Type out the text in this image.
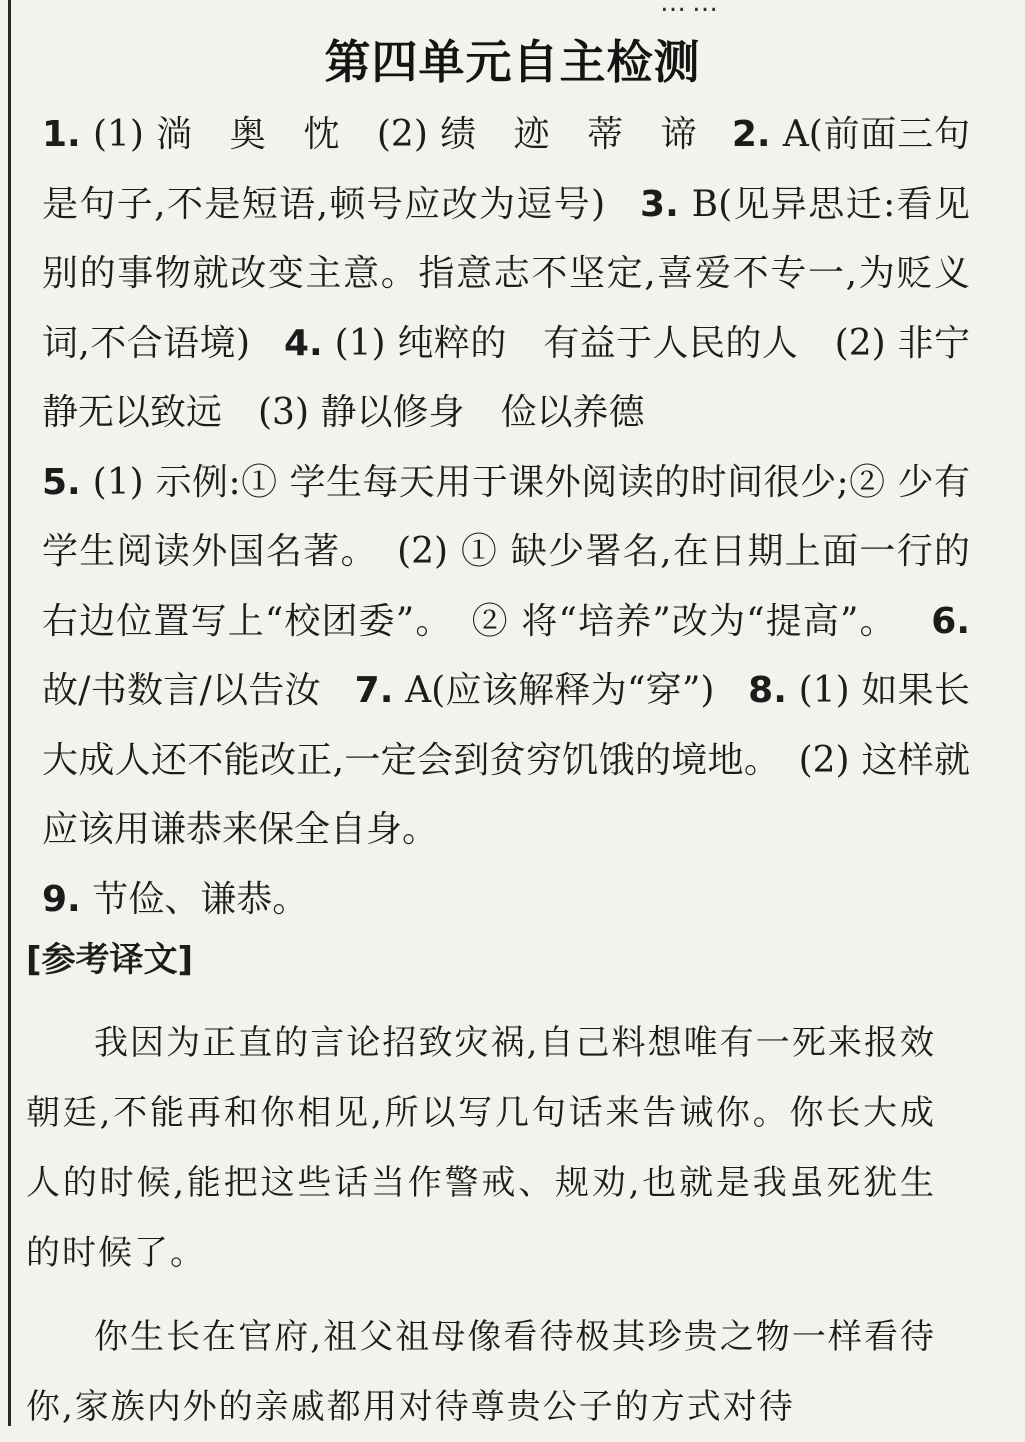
……
第四单元自主检测
1. (1) 淌　奥　忱　(2) 绩　迹　蒂　谛 2. A(前面三句是句子,不是短语,顿号应改为逗号) 3. B(见异思迁:看见别的事物就改变主意。指意志不坚定,喜爱不专一,为贬义词,不合语境) 4. (1) 纯粹的　有益于人民的人　(2) 非宁静无以致远　(3) 静以修身　俭以养德
5. (1) 示例:① 学生每天用于课外阅读的时间很少;② 少有学生阅读外国名著。　(2) ① 缺少署名,在日期上面一行的右边位置写上“校团委”。　② 将“培养”改为“提高”。 6. 故/书数言/以告汝 7. A(应该解释为“穿”) 8. (1) 如果长大成人还不能改正,一定会到贫穷饥饿的境地。　(2) 这样就应该用谦恭来保全自身。
9. 节俭、谦恭。
[参考译文]

我因为正直的言论招致灾祸,自己料想唯有一死来报效朝廷,不能再和你相见,所以写几句话来告诫你。你长大成人的时候,能把这些话当作警戒、规劝,也就是我虽死犹生的时候了。

你生长在官府,祖父祖母像看待极其珍贵之物一样看待你,家族内外的亲戚都用对待尊贵公子的方式对待
